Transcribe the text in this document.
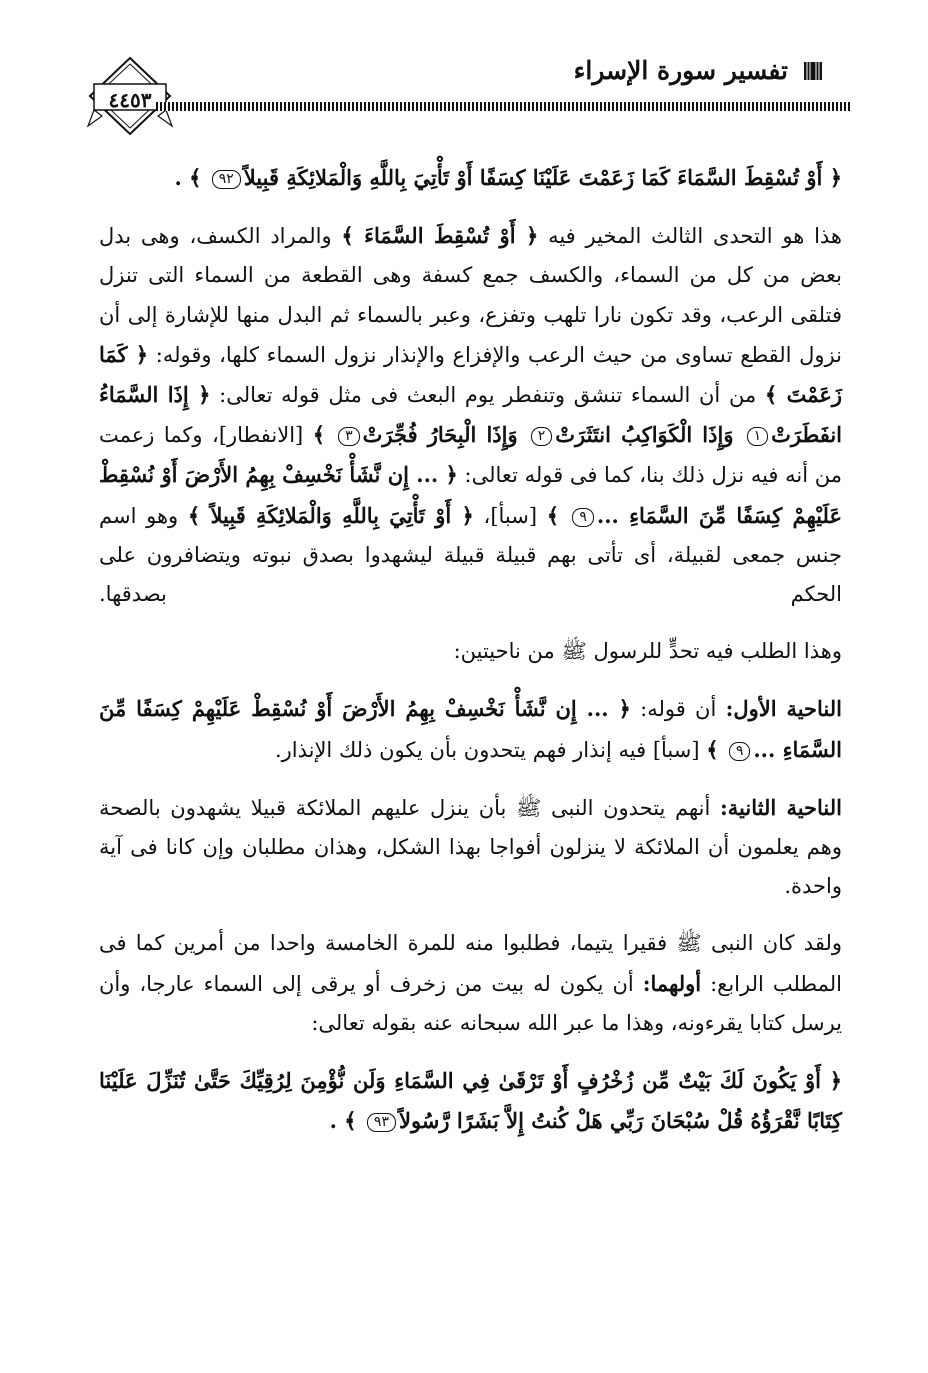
٤٤٥٣
تفسير سورة الإسراء

﴿ أَوْ تُسْقِطَ السَّمَاءَ كَمَا زَعَمْتَ عَلَيْنَا كِسَفًا أَوْ تَأْتِيَ بِاللَّهِ وَالْمَلائِكَةِ قَبِيلاً٩٢ ﴾ .

هذا هو التحدى الثالث المخير فيه ﴿ أَوْ تُسْقِطَ السَّمَاءَ ﴾ والمراد الكسف، وهى بدل بعض من كل من السماء، والكسف جمع كسفة وهى القطعة من السماء التى تنزل فتلقى الرعب، وقد تكون نارا تلهب وتفزع، وعبر بالسماء ثم البدل منها للإشارة إلى أن نزول القطع تساوى من حيث الرعب والإفزاع والإنذار نزول السماء كلها، وقوله: ﴿ كَمَا زَعَمْتَ ﴾ من أن السماء تنشق وتنفطر يوم البعث فى مثل قوله تعالى: ﴿ إِذَا السَّمَاءُ انفَطَرَتْ١ وَإِذَا الْكَوَاكِبُ انتَثَرَتْ٢ وَإِذَا الْبِحَارُ فُجِّرَتْ٣ ﴾ [الانفطار]، وكما زعمت من أنه فيه نزل ذلك بنا، كما فى قوله تعالى: ﴿ ... إِن نَّشَأْ نَخْسِفْ بِهِمُ الأَرْضَ أَوْ نُسْقِطْ عَلَيْهِمْ كِسَفًا مِّنَ السَّمَاءِ ...٩ ﴾ [سبأ]، ﴿ أَوْ تَأْتِيَ بِاللَّهِ وَالْمَلائِكَةِ قَبِيلاً ﴾ وهو اسم جنس جمعى لقبيلة، أى تأتى بهم قبيلة قبيلة ليشهدوا بصدق نبوته ويتضافرون على الحكم بصدقها.

وهذا الطلب فيه تحدٍّ للرسول ﷺ من ناحيتين:

الناحية الأول: أن قوله: ﴿ ... إِن نَّشَأْ نَخْسِفْ بِهِمُ الأَرْضَ أَوْ نُسْقِطْ عَلَيْهِمْ كِسَفًا مِّنَ السَّمَاءِ ...٩ ﴾ [سبأ] فيه إنذار فهم يتحدون بأن يكون ذلك الإنذار.

الناحية الثانية: أنهم يتحدون النبى ﷺ بأن ينزل عليهم الملائكة قبيلا يشهدون بالصحة وهم يعلمون أن الملائكة لا ينزلون أفواجا بهذا الشكل، وهذان مطلبان وإن كانا فى آية واحدة.

ولقد كان النبى ﷺ فقيرا يتيما، فطلبوا منه للمرة الخامسة واحدا من أمرين كما فى المطلب الرابع: أولهما: أن يكون له بيت من زخرف أو يرقى إلى السماء عارجا، وأن يرسل كتابا يقرءونه، وهذا ما عبر الله سبحانه عنه بقوله تعالى:

﴿ أَوْ يَكُونَ لَكَ بَيْتٌ مِّن زُخْرُفٍ أَوْ تَرْقَىٰ فِي السَّمَاءِ وَلَن نُّؤْمِنَ لِرُقِيِّكَ حَتَّىٰ تُنَزِّلَ عَلَيْنَا كِتَابًا نَّقْرَؤُهُ قُلْ سُبْحَانَ رَبِّي هَلْ كُنتُ إِلاَّ بَشَرًا رَّسُولاً٩٣ ﴾ .
